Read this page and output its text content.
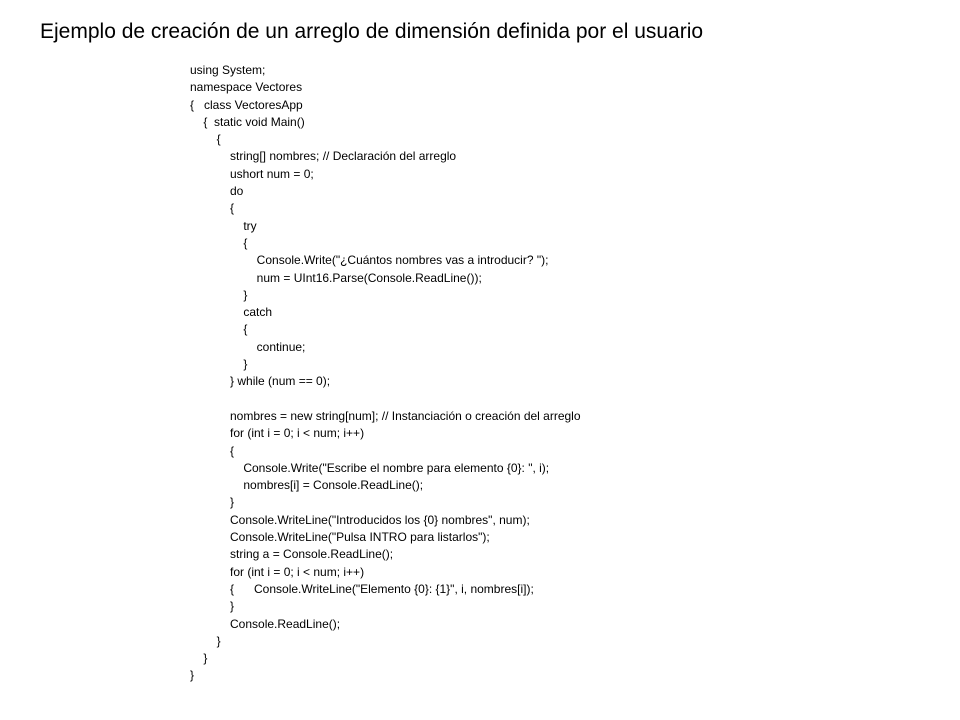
Ejemplo de creación de un arreglo de dimensión definida por el usuario
using System;
namespace Vectores
{   class VectoresApp
{  static void Main()
{
string[] nombres; // Declaración del arreglo
ushort num = 0;
do
{
try
{
Console.Write("¿Cuántos nombres vas a introducir? ");
num = UInt16.Parse(Console.ReadLine());
}
catch
{
continue;
}
} while (num == 0);
nombres = new string[num]; // Instanciación o creación del arreglo
for (int i = 0; i < num; i++)
{
Console.Write("Escribe el nombre para elemento {0}: ", i);
nombres[i] = Console.ReadLine();
}
Console.WriteLine("Introducidos los {0} nombres", num);
Console.WriteLine("Pulsa INTRO para listarlos");
string a = Console.ReadLine();
for (int i = 0; i < num; i++)
{      Console.WriteLine("Elemento {0}: {1}", i, nombres[i]);
}
Console.ReadLine();
}
}
}
